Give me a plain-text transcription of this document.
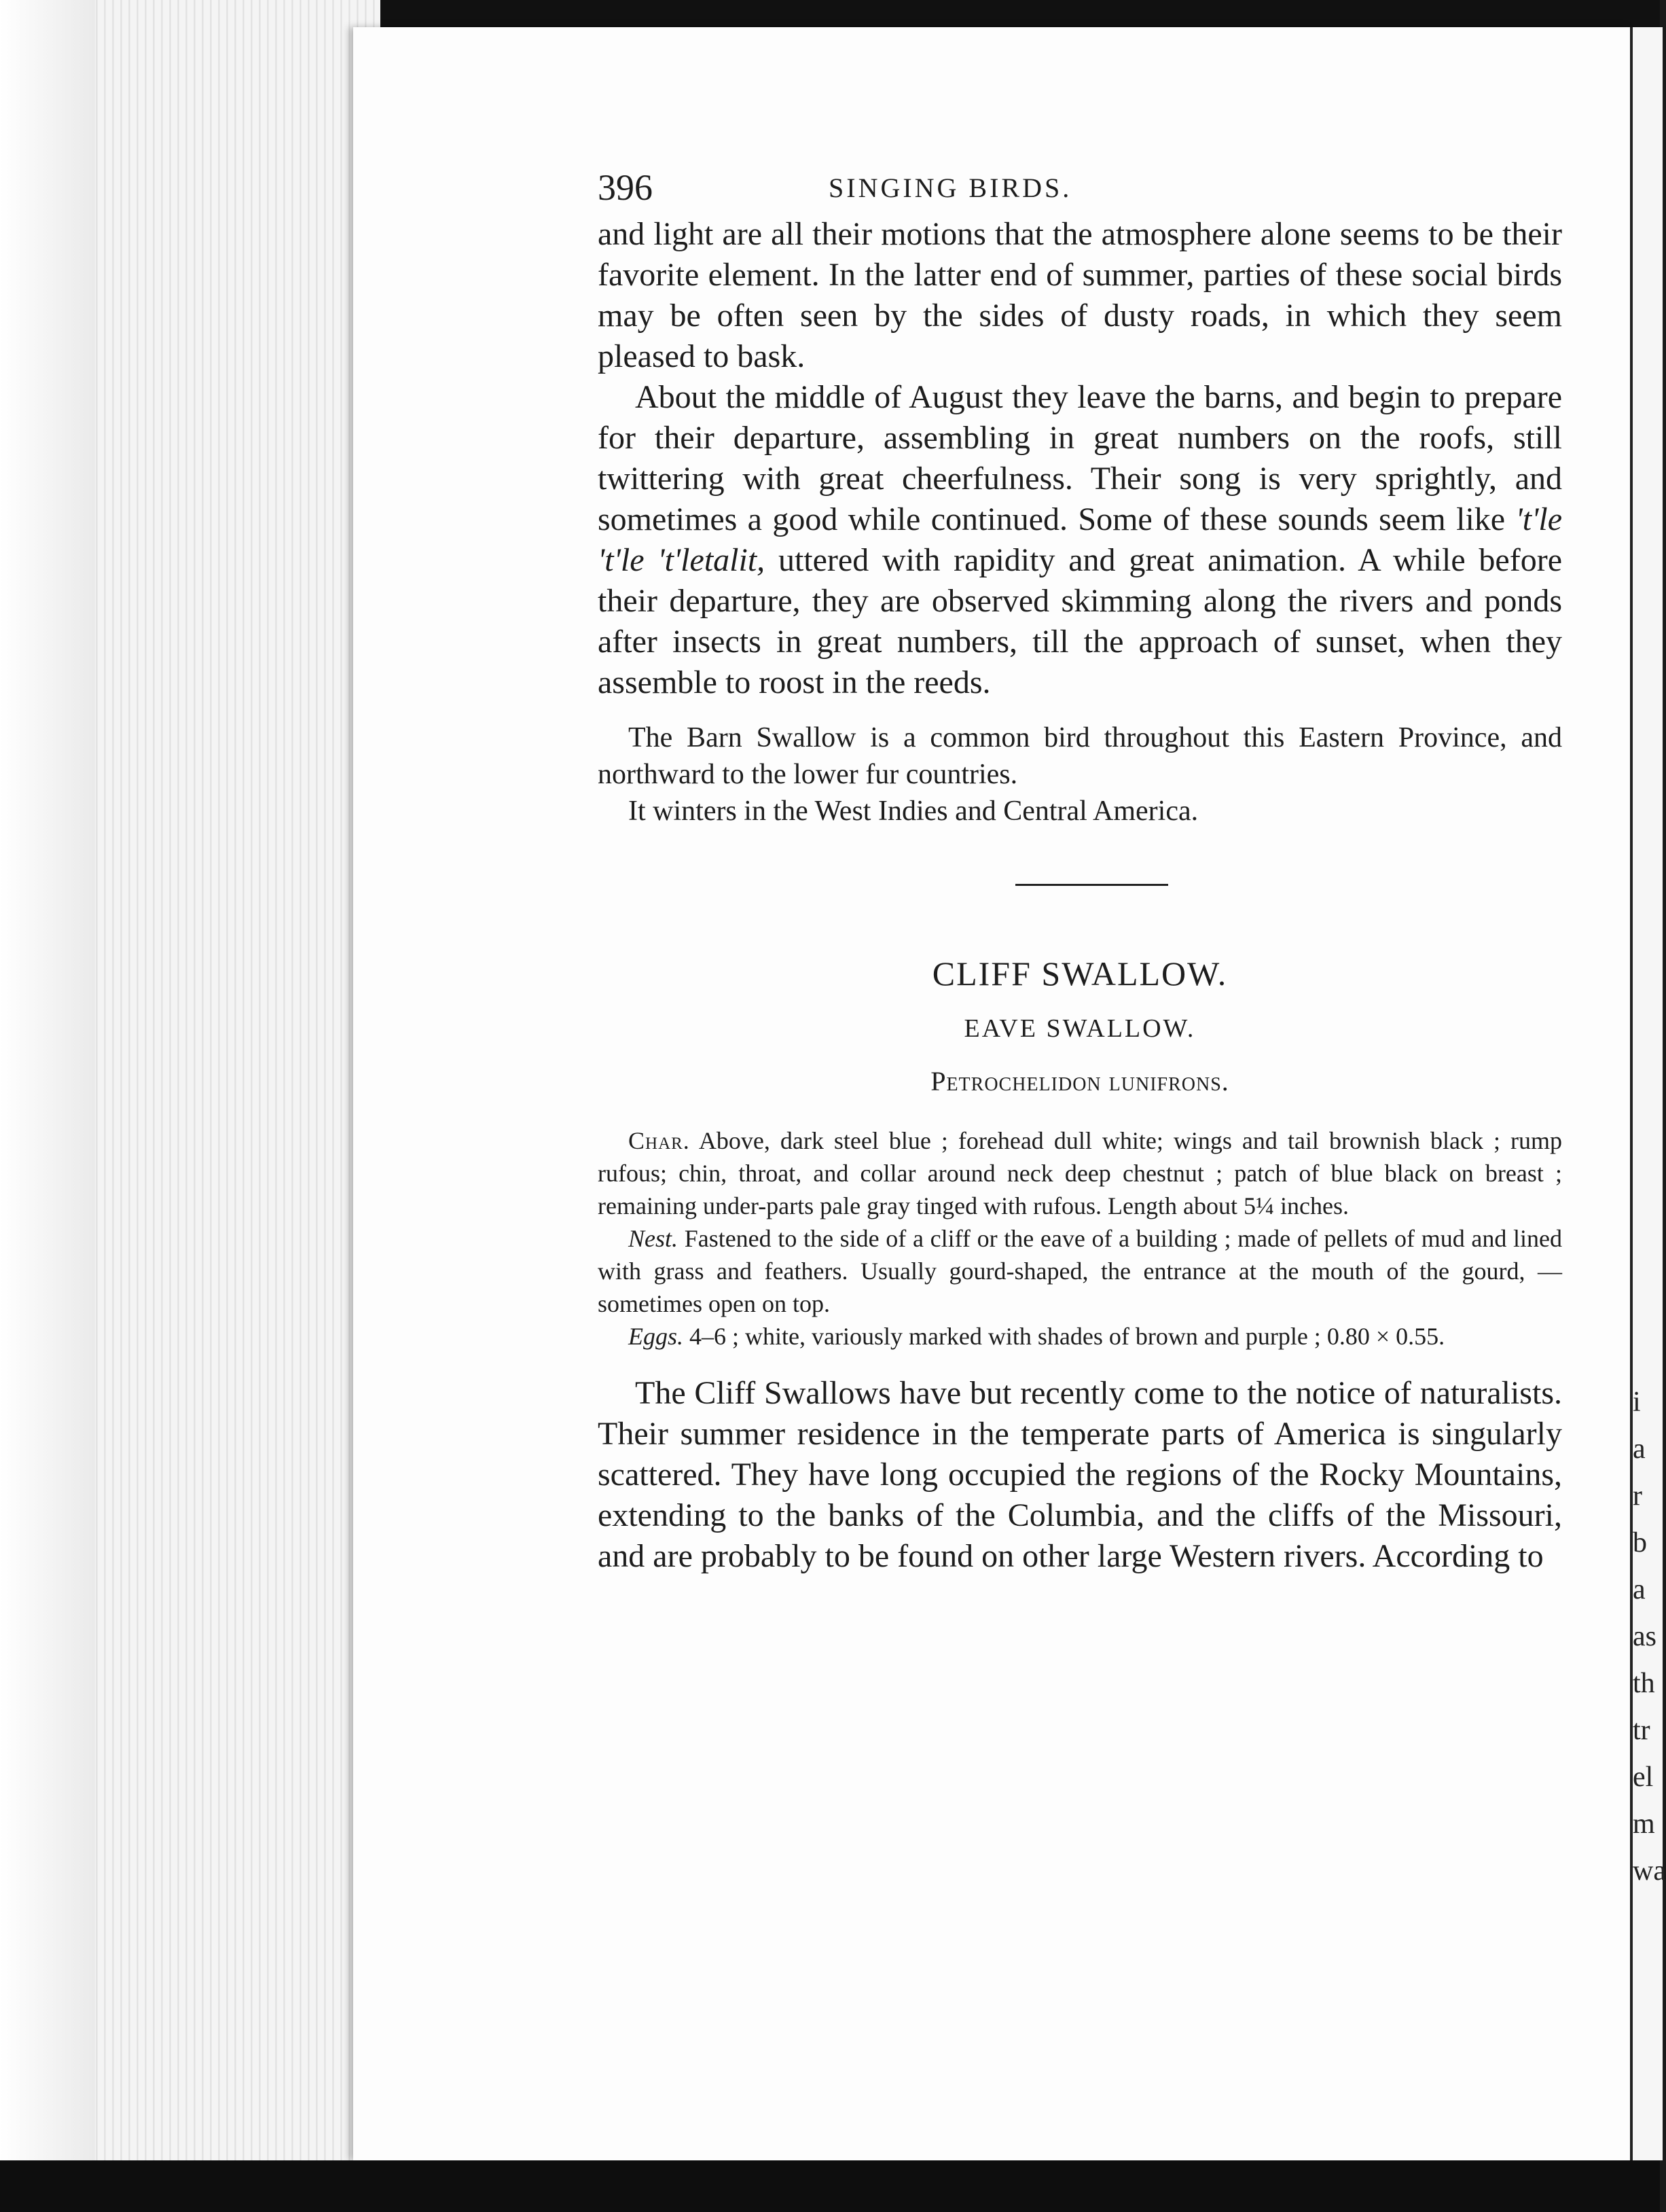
i
a
r
b
a
as
th
tr
el
m
wa
396	SINGING BIRDS.

and light are all their motions that the atmosphere alone seems to be their favorite element. In the latter end of summer, parties of these social birds may be often seen by the sides of dusty roads, in which they seem pleased to bask.

About the middle of August they leave the barns, and begin to prepare for their departure, assembling in great numbers on the roofs, still twittering with great cheerfulness. Their song is very sprightly, and sometimes a good while continued. Some of these sounds seem like 't'le 't'le 't'letalit, uttered with rapidity and great animation. A while before their departure, they are observed skimming along the rivers and ponds after insects in great numbers, till the approach of sunset, when they assemble to roost in the reeds.

The Barn Swallow is a common bird throughout this Eastern Province, and northward to the lower fur countries.

It winters in the West Indies and Central America.

CLIFF SWALLOW.
EAVE SWALLOW.
Petrochelidon lunifrons.

Char. Above, dark steel blue ; forehead dull white; wings and tail brownish black ; rump rufous; chin, throat, and collar around neck deep chestnut ; patch of blue black on breast ; remaining under-parts pale gray tinged with rufous. Length about 5¼ inches.

Nest. Fastened to the side of a cliff or the eave of a building ; made of pellets of mud and lined with grass and feathers. Usually gourd-shaped, the entrance at the mouth of the gourd, — sometimes open on top.

Eggs. 4–6 ; white, variously marked with shades of brown and purple ; 0.80 × 0.55.

The Cliff Swallows have but recently come to the notice of naturalists. Their summer residence in the temperate parts of America is singularly scattered. They have long occupied the regions of the Rocky Mountains, extending to the banks of the Columbia, and the cliffs of the Missouri, and are probably to be found on other large Western rivers. According to
